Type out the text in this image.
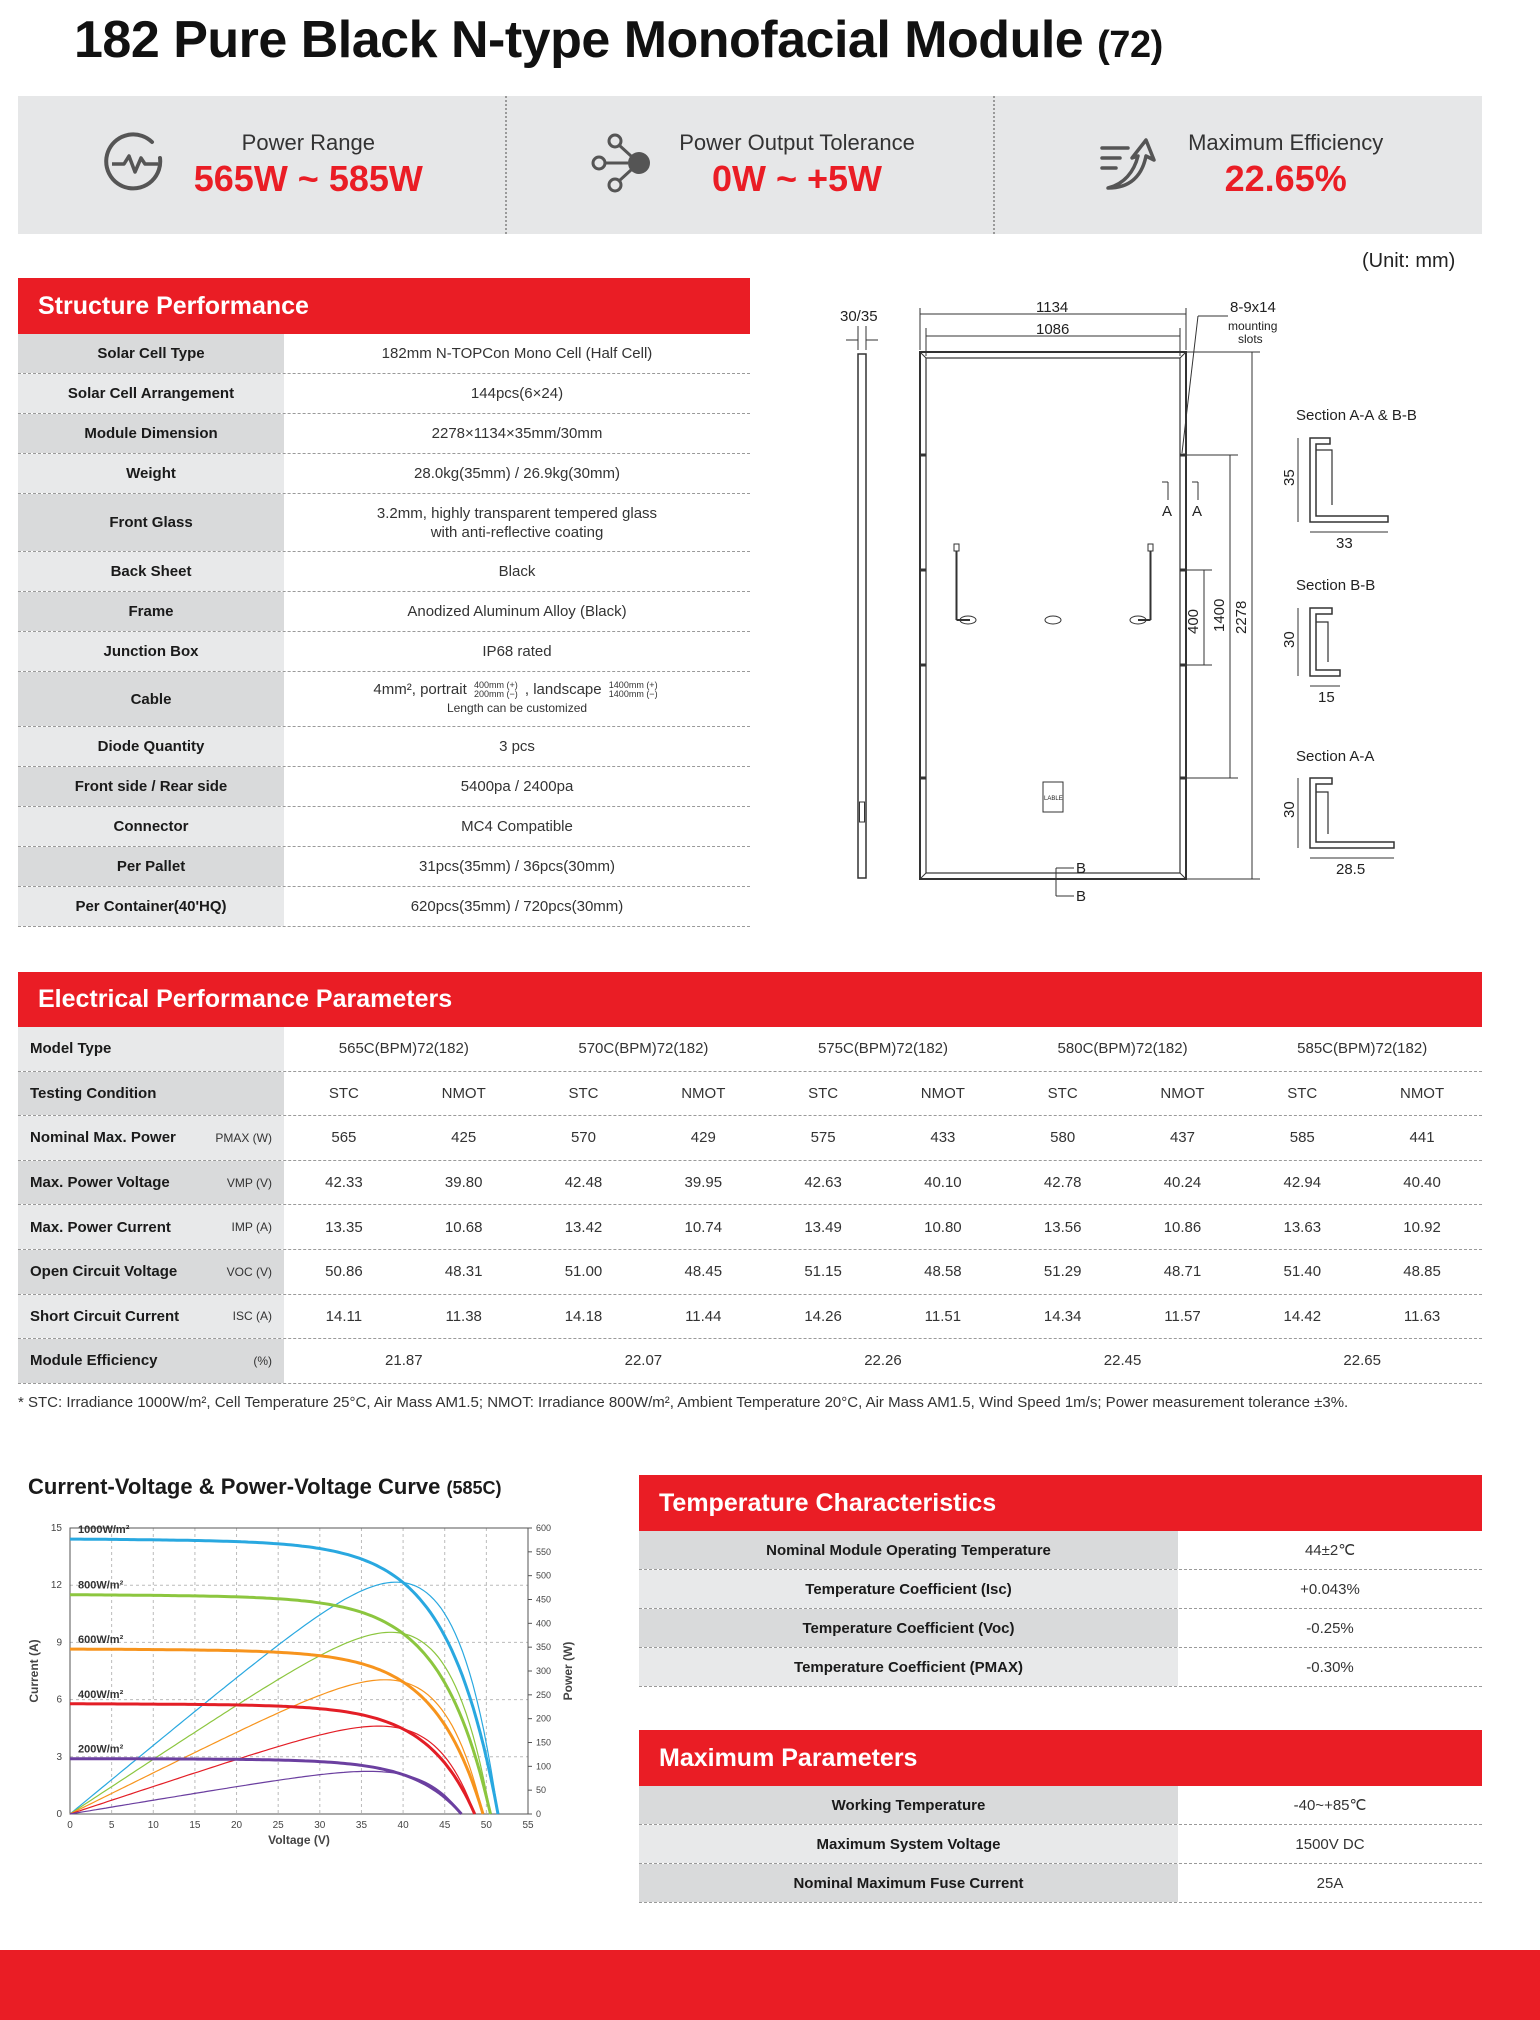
182 Pure Black N-type Monofacial Module (72)
Power Range
565W ~ 585W
Power Output Tolerance
0W ~ +5W
Maximum Efficiency
22.65%
(Unit: mm)
Structure Performance
Solar Cell Type	182mm N-TOPCon Mono Cell (Half Cell)
Solar Cell Arrangement	144pcs(6×24)
Module Dimension	2278×1134×35mm/30mm
Weight	28.0kg(35mm) / 26.9kg(30mm)
Front Glass
3.2mm, highly transparent tempered glass
with anti-reflective coating
Back Sheet	Black
Frame	Anodized Aluminum Alloy (Black)
Junction Box	IP68 rated
Cable
4mm², portrait 400mm (+)
200mm (−) , landscape 1400mm (+)
1400mm (−)
Length can be customized
Diode Quantity	3 pcs
Front side / Rear side	5400pa / 2400pa
Connector	MC4 Compatible
Per Pallet	31pcs(35mm) / 36pcs(30mm)
Per Container(40'HQ)	620pcs(35mm) / 720pcs(30mm)
30/35
1134
1086
LABLE
8-9x14
mounting
slots
A A
B
B
2278
1400
400
Section A-A & B-B
35
33
Section B-B
30
15
Section A-A
30
28.5
Electrical Performance Parameters
Model Type	565C(BPM)72(182)	570C(BPM)72(182)	575C(BPM)72(182)	580C(BPM)72(182)	585C(BPM)72(182)
Testing Condition	STC	NMOT	STC	NMOT	STC	NMOT	STC	NMOT	STC	NMOT
Nominal Max. Power	PMAX (W)	565	425	570	429	575	433	580	437	585	441
Max. Power Voltage	VMP (V)	42.33	39.80	42.48	39.95	42.63	40.10	42.78	40.24	42.94	40.40
Max. Power Current	IMP (A)	13.35	10.68	13.42	10.74	13.49	10.80	13.56	10.86	13.63	10.92
Open Circuit Voltage	VOC (V)	50.86	48.31	51.00	48.45	51.15	48.58	51.29	48.71	51.40	48.85
Short Circuit Current	ISC (A)	14.11	11.38	14.18	11.44	14.26	11.51	14.34	11.57	14.42	11.63
Module Efficiency	(%)	21.87	22.07	22.26	22.45	22.65
* STC: Irradiance 1000W/m², Cell Temperature 25°C, Air Mass AM1.5; NMOT: Irradiance 800W/m², Ambient Temperature 20°C, Air Mass AM1.5, Wind Speed 1m/s; Power measurement tolerance ±3%.
Current-Voltage & Power-Voltage Curve (585C)
0	5	10	15	20	25	30	35	40	45	50	55
0
3
6
9
12
15
0
50
100
150
200
250
300
350
400
450
500
550
600
Voltage (V)
Current (A)	Power (W)
1000W/m²
800W/m²
600W/m²
400W/m²
200W/m²
Temperature Characteristics
Nominal Module Operating Temperature	44±2℃
Temperature Coefficient (Isc)	+0.043%
Temperature Coefficient (Voc)	-0.25%
Temperature Coefficient (PMAX)	-0.30%
Maximum Parameters
Working Temperature	-40~+85℃
Maximum System Voltage	1500V DC
Nominal Maximum Fuse Current	25A
